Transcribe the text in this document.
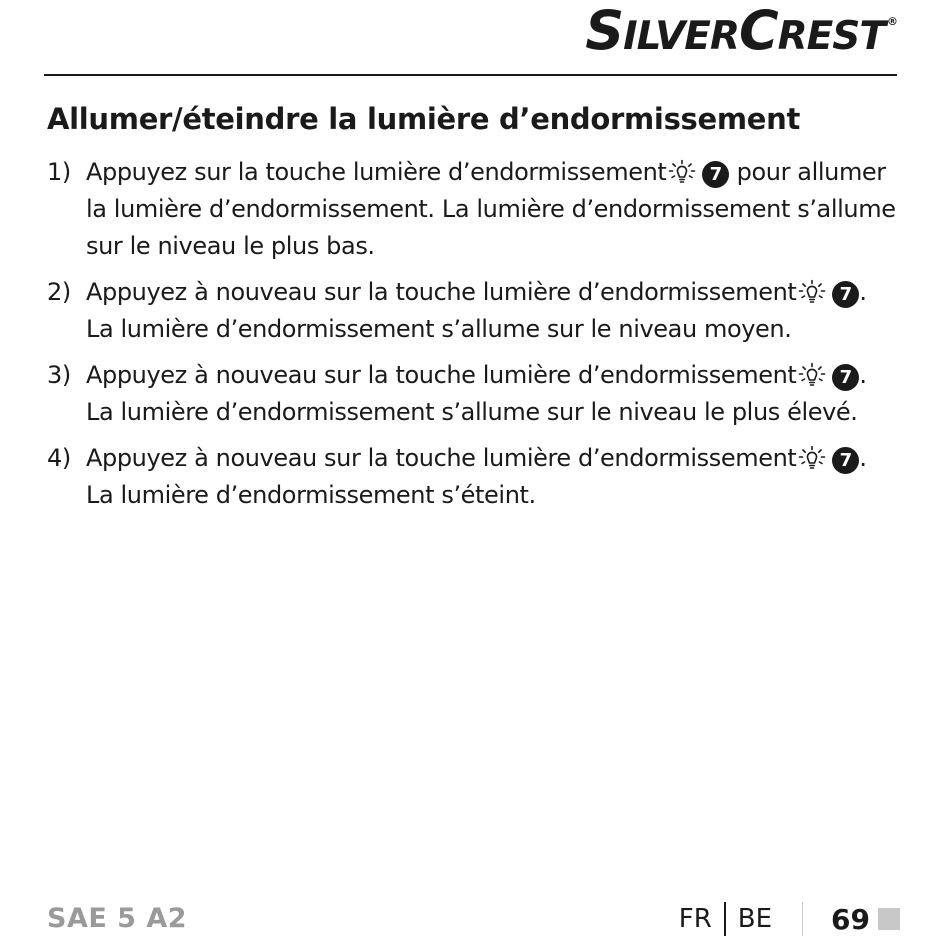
SILVERCREST ®
Allumer/éteindre la lumière d’endormissement
1) Appuyez sur la touche lumière d’endormissement 7 pour allumer
la lumière d’endormissement. La lumière d’endormissement s’allume
sur le niveau le plus bas.
2) Appuyez à nouveau sur la touche lumière d’endormissement 7 .
La lumière d’endormissement s’allume sur le niveau moyen.
3) Appuyez à nouveau sur la touche lumière d’endormissement 7 .
La lumière d’endormissement s’allume sur le niveau le plus élevé.
4) Appuyez à nouveau sur la touche lumière d’endormissement 7 .
La lumière d’endormissement s’éteint.
SAE 5 A2	FR BE 69
